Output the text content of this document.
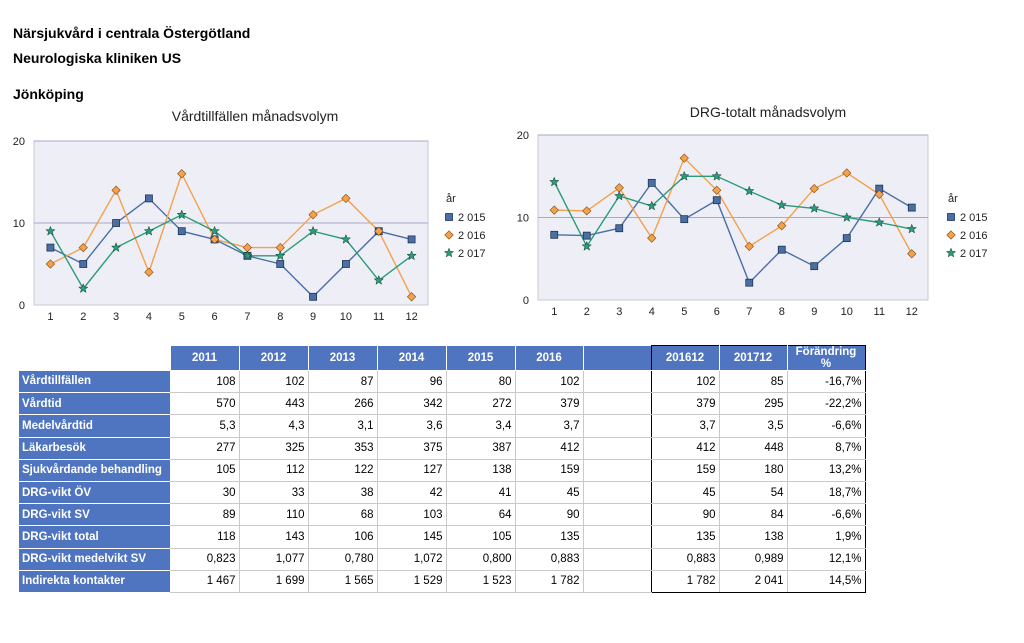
Närsjukvård i centrala Östergötland
Neurologiska kliniken US
Jönköping
Vårdtillfällen månadsvolym
0
10
20
1 2 3 4 5 6 7 8 9 10 11 12
år
2 015
2 016
2 017
DRG-totalt månadsvolym
0
10
20
1 2 3 4 5 6 7 8 9 10 11 12
år
2 015
2 016
2 017
	2011	2012	2013	2014	2015	2016		201612	201712	Förändring %
Vårdtillfällen	108	102	87	96	80	102		102	85	-16,7%
Vårdtid	570	443	266	342	272	379		379	295	-22,2%
Medelvårdtid	5,3	4,3	3,1	3,6	3,4	3,7		3,7	3,5	-6,6%
Läkarbesök	277	325	353	375	387	412		412	448	8,7%
Sjukvårdande behandling	105	112	122	127	138	159		159	180	13,2%
DRG-vikt ÖV	30	33	38	42	41	45		45	54	18,7%
DRG-vikt SV	89	110	68	103	64	90		90	84	-6,6%
DRG-vikt total	118	143	106	145	105	135		135	138	1,9%
DRG-vikt medelvikt SV	0,823	1,077	0,780	1,072	0,800	0,883		0,883	0,989	12,1%
Indirekta kontakter	1 467	1 699	1 565	1 529	1 523	1 782		1 782	2 041	14,5%
